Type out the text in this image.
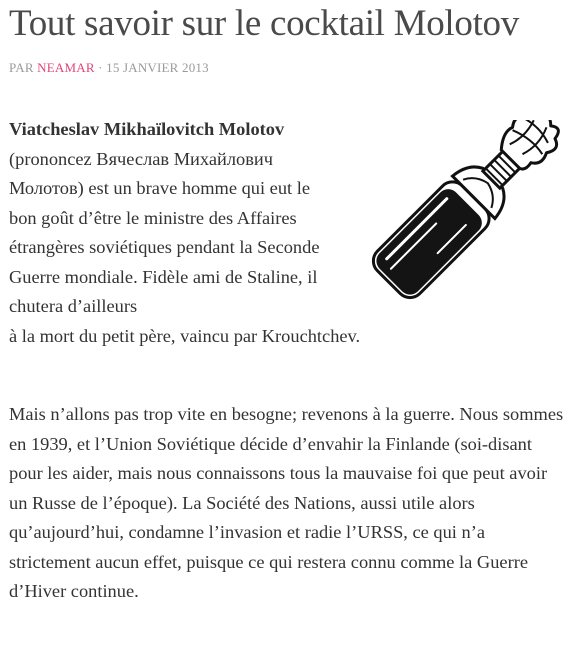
Tout savoir sur le cocktail Molotov
PAR NEAMAR · 15 JANVIER 2013

Viatcheslav Mikhaïlovitch Molotov (prononcez Вячеслав Михайлович Молотов) est un brave homme qui eut le bon goût d’être le ministre des Affaires étrangères soviétiques pendant la Seconde Guerre mondiale. Fidèle ami de Staline, il chutera d’ailleurs
à la mort du petit père, vaincu par Krouchtchev.

Mais n’allons pas trop vite en besogne; revenons à la guerre. Nous sommes en 1939, et l’Union Soviétique décide d’envahir la Finlande (soi-disant pour les aider, mais nous connaissons tous la mauvaise foi que peut avoir un Russe de l’époque). La Société des Nations, aussi utile alors qu’aujourd’hui, condamne l’invasion et radie l’URSS, ce qui n’a strictement aucun effet, puisque ce qui restera connu comme la Guerre d’Hiver continue.
